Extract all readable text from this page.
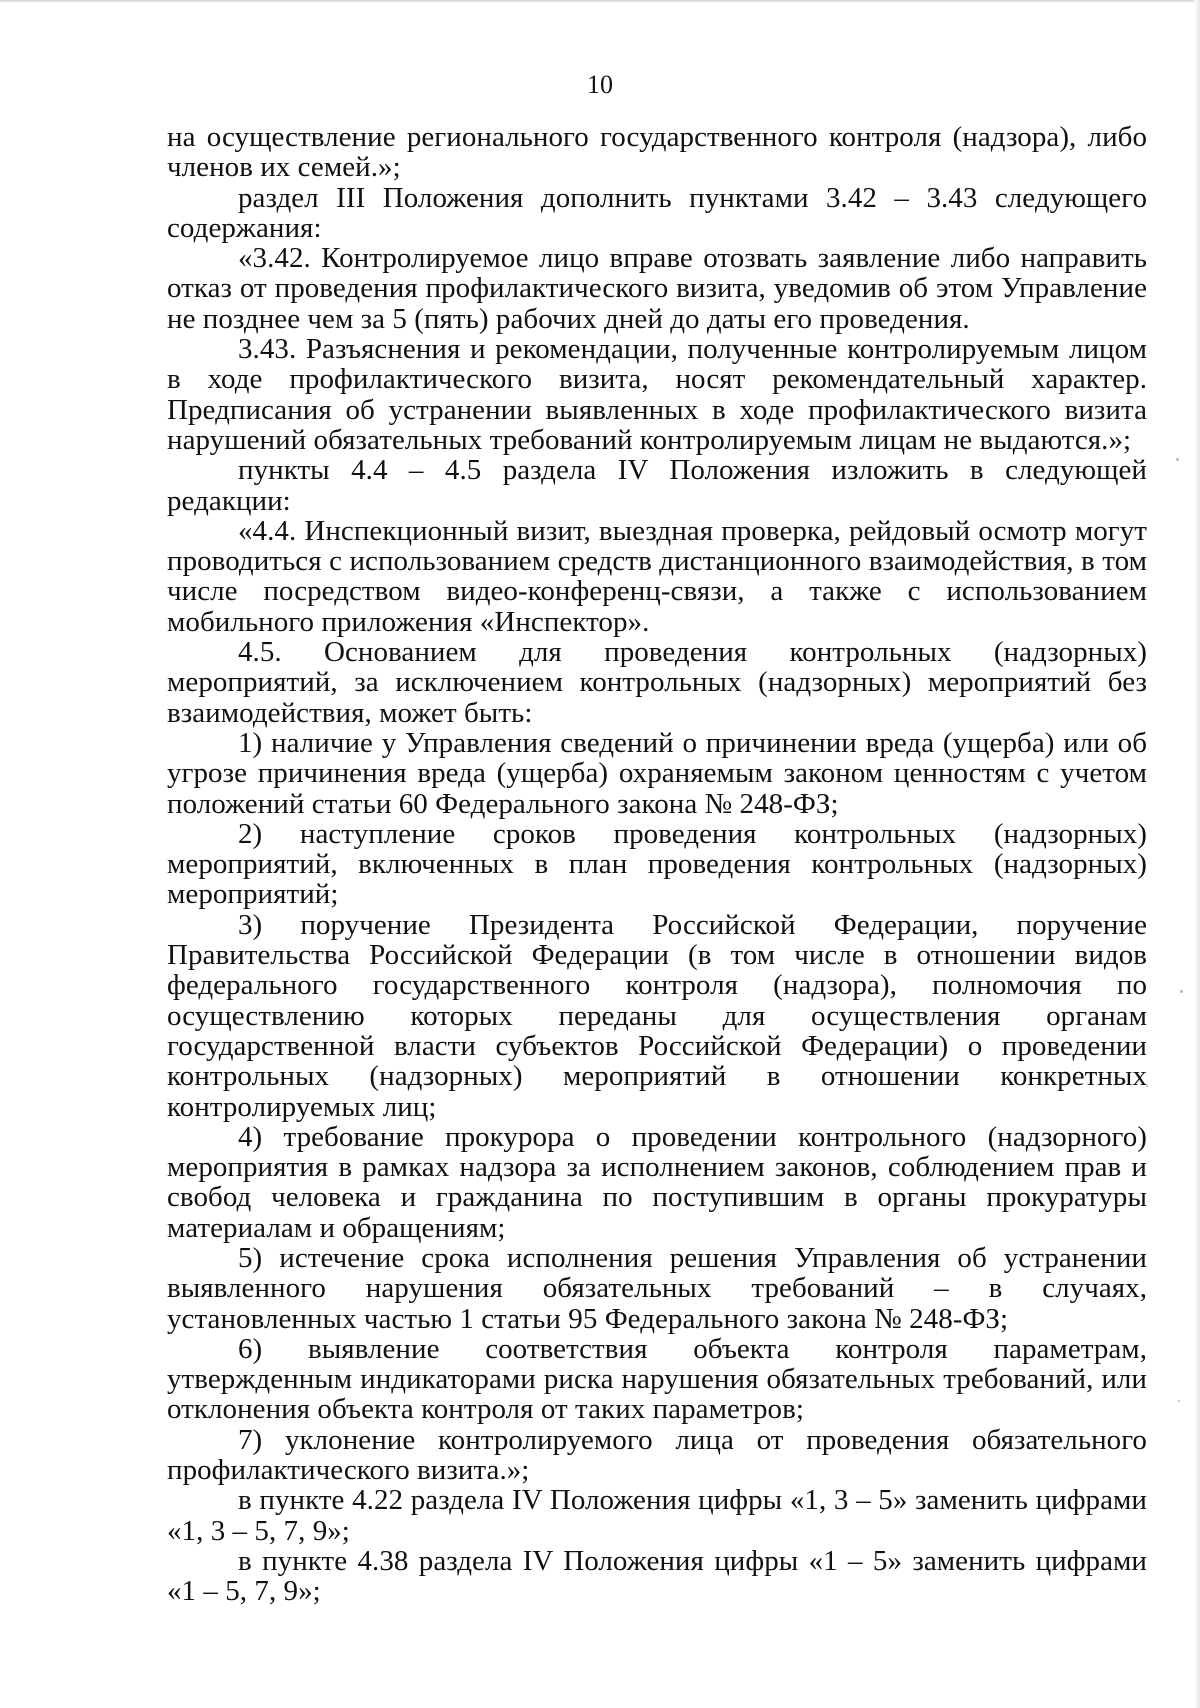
10

на осуществление регионального государственного контроля (надзора), либо членов их семей.»;

раздел III Положения дополнить пунктами 3.42 – 3.43 следующего содержания:

«3.42. Контролируемое лицо вправе отозвать заявление либо направить отказ от проведения профилактического визита, уведомив об этом Управление не позднее чем за 5 (пять) рабочих дней до даты его проведения.

3.43. Разъяснения и рекомендации, полученные контролируемым лицом в ходе профилактического визита, носят рекомендательный характер. Предписания об устранении выявленных в ходе профилактического визита нарушений обязательных требований контролируемым лицам не выдаются.»;

пункты 4.4 – 4.5 раздела IV Положения изложить в следующей редакции:

«4.4. Инспекционный визит, выездная проверка, рейдовый осмотр могут проводиться с использованием средств дистанционного взаимодействия, в том числе посредством видео-конференц-связи, а также с использованием мобильного приложения «Инспектор».

4.5. Основанием для проведения контрольных (надзорных) мероприятий, за исключением контрольных (надзорных) мероприятий без взаимодействия, может быть:

1) наличие у Управления сведений о причинении вреда (ущерба) или об угрозе причинения вреда (ущерба) охраняемым законом ценностям с учетом положений статьи 60 Федерального закона № 248-ФЗ;

2) наступление сроков проведения контрольных (надзорных) мероприятий, включенных в план проведения контрольных (надзорных) мероприятий;

3) поручение Президента Российской Федерации, поручение Правительства Российской Федерации (в том числе в отношении видов федерального государственного контроля (надзора), полномочия по осуществлению которых переданы для осуществления органам государственной власти субъектов Российской Федерации) о проведении контрольных (надзорных) мероприятий в отношении конкретных контролируемых лиц;

4) требование прокурора о проведении контрольного (надзорного) мероприятия в рамках надзора за исполнением законов, соблюдением прав и свобод человека и гражданина по поступившим в органы прокуратуры материалам и обращениям;

5) истечение срока исполнения решения Управления об устранении выявленного нарушения обязательных требований – в случаях, установленных частью 1 статьи 95 Федерального закона № 248-ФЗ;

6) выявление соответствия объекта контроля параметрам, утвержденным индикаторами риска нарушения обязательных требований, или отклонения объекта контроля от таких параметров;

7) уклонение контролируемого лица от проведения обязательного профилактического визита.»;

в пункте 4.22 раздела IV Положения цифры «1, 3 – 5» заменить цифрами «1, 3 – 5, 7, 9»;

в пункте 4.38 раздела IV Положения цифры «1 – 5» заменить цифрами «1 – 5, 7, 9»;
